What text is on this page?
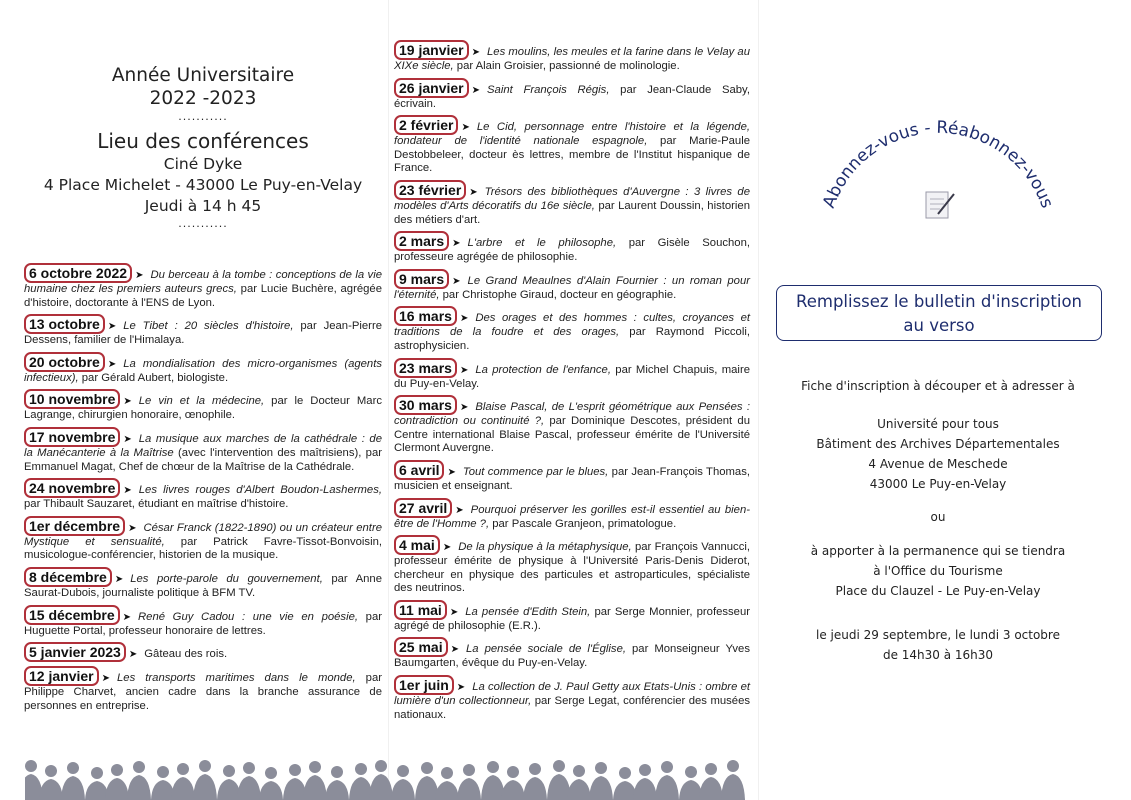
Année Universitaire
2022 -2023
...........
Lieu des conférences
Ciné Dyke
4 Place Michelet - 43000 Le Puy-en-Velay
Jeudi à 14 h 45
...........
6 octobre 2022 ➤ Du berceau à la tombe : conceptions de la vie humaine chez les premiers auteurs grecs, par Lucie Buchère, agrégée d'histoire, doctorante à l'ENS de Lyon.
13 octobre ➤ Le Tibet : 20 siècles d'histoire, par Jean-Pierre Dessens, familier de l'Himalaya.
20 octobre ➤ La mondialisation des micro-organismes (agents infectieux), par Gérald Aubert, biologiste.
10 novembre ➤ Le vin et la médecine, par le Docteur Marc Lagrange, chirurgien honoraire, œnophile.
17 novembre ➤ La musique aux marches de la cathédrale : de la Manécanterie à la Maîtrise (avec l'intervention des maîtrisiens), par Emmanuel Magat, Chef de chœur de la Maîtrise de la Cathédrale.
24 novembre ➤ Les livres rouges d'Albert Boudon-Lashermes, par Thibault Sauzaret, étudiant en maîtrise d'histoire.
1er décembre ➤ César Franck (1822-1890) ou un créateur entre Mystique et sensualité, par Patrick Favre-Tissot-Bonvoisin, musicologue-conférencier, historien de la musique.
8 décembre ➤ Les porte-parole du gouvernement, par Anne Saurat-Dubois, journaliste politique à BFM TV.
15 décembre ➤ René Guy Cadou : une vie en poésie, par Huguette Portal, professeur honoraire de lettres.
5 janvier 2023 ➤ Gâteau des rois.
12 janvier ➤ Les transports maritimes dans le monde, par Philippe Charvet, ancien cadre dans la branche assurance de personnes en entreprise.
19 janvier ➤ Les moulins, les meules et la farine dans le Velay au XIXe siècle, par Alain Groisier, passionné de molinologie.
26 janvier ➤ Saint François Régis, par Jean-Claude Saby, écrivain.
2 février ➤ Le Cid, personnage entre l'histoire et la légende, fondateur de l'identité nationale espagnole, par Marie-Paule Destobbeleer, docteur ès lettres, membre de l'Institut hispanique de France.
23 février ➤ Trésors des bibliothèques d'Auvergne : 3 livres de modèles d'Arts décoratifs du 16e siècle, par Laurent Doussin, historien des métiers d'art.
2 mars ➤ L'arbre et le philosophe, par Gisèle Souchon, professeure agrégée de philosophie.
9 mars ➤ Le Grand Meaulnes d'Alain Fournier : un roman pour l'éternité, par Christophe Giraud, docteur en géographie.
16 mars ➤ Des orages et des hommes : cultes, croyances et traditions de la foudre et des orages, par Raymond Piccoli, astrophysicien.
23 mars ➤ La protection de l'enfance, par Michel Chapuis, maire du Puy-en-Velay.
30 mars ➤ Blaise Pascal, de L'esprit géométrique aux Pensées : contradiction ou continuité ?, par Dominique Descotes, président du Centre international Blaise Pascal, professeur émérite de l'Université Clermont Auvergne.
6 avril ➤ Tout commence par le blues, par Jean-François Thomas, musicien et enseignant.
27 avril ➤ Pourquoi préserver les gorilles est-il essentiel au bien-être de l'Homme ?, par Pascale Granjeon, primatologue.
4 mai ➤ De la physique à la métaphysique, par François Vannucci, professeur émérite de physique à l'Université Paris-Denis Diderot, chercheur en physique des particules et astroparticules, spécialiste des neutrinos.
11 mai ➤ La pensée d'Edith Stein, par Serge Monnier, professeur agrégé de philosophie (E.R.).
25 mai ➤ La pensée sociale de l'Église, par Monseigneur Yves Baumgarten, évêque du Puy-en-Velay.
1er juin ➤ La collection de J. Paul Getty aux Etats-Unis : ombre et lumière d'un collectionneur, par Serge Legat, conférencier des musées nationaux.
Abonnez-vous - Réabonnez-vous
Remplissez le bulletin d'inscription
au verso
Fiche d'inscription à découper et à adresser à
Université pour tous
Bâtiment des Archives Départementales
4 Avenue de Meschede
43000 Le Puy-en-Velay
ou
à apporter à la permanence qui se tiendra
à l'Office du Tourisme
Place du Clauzel - Le Puy-en-Velay
le jeudi 29 septembre, le lundi 3 octobre
de 14h30 à 16h30
